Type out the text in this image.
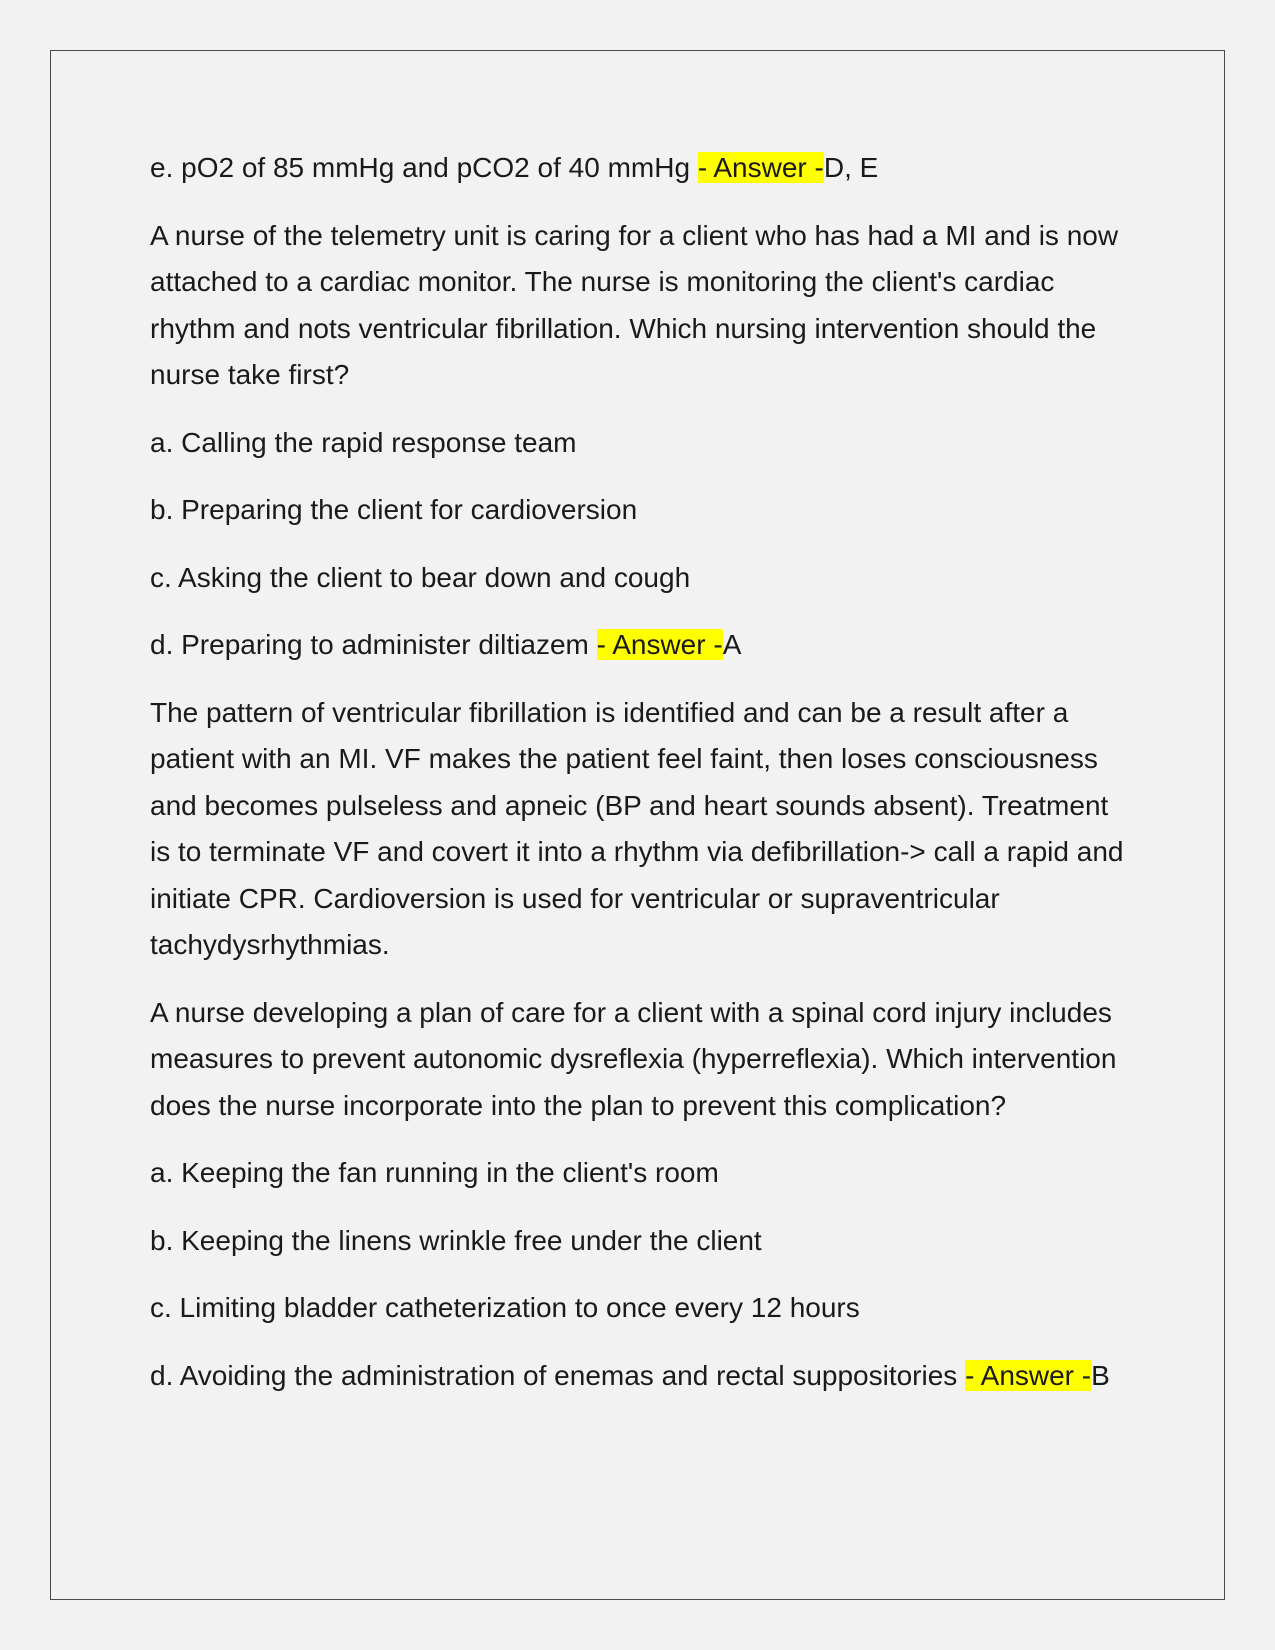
e. pO2 of 85 mmHg and pCO2 of 40 mmHg - Answer -D, E

A nurse of the telemetry unit is caring for a client who has had a MI and is now attached to a cardiac monitor. The nurse is monitoring the client's cardiac rhythm and nots ventricular fibrillation. Which nursing intervention should the nurse take first?

a. Calling the rapid response team

b. Preparing the client for cardioversion

c. Asking the client to bear down and cough

d. Preparing to administer diltiazem - Answer -A

The pattern of ventricular fibrillation is identified and can be a result after a patient with an MI. VF makes the patient feel faint, then loses consciousness and becomes pulseless and apneic (BP and heart sounds absent). Treatment is to terminate VF and covert it into a rhythm via defibrillation-> call a rapid and initiate CPR. Cardioversion is used for ventricular or supraventricular tachydysrhythmias.

A nurse developing a plan of care for a client with a spinal cord injury includes measures to prevent autonomic dysreflexia (hyperreflexia). Which intervention does the nurse incorporate into the plan to prevent this complication?

a. Keeping the fan running in the client's room

b. Keeping the linens wrinkle free under the client

c. Limiting bladder catheterization to once every 12 hours

d. Avoiding the administration of enemas and rectal suppositories - Answer -B
